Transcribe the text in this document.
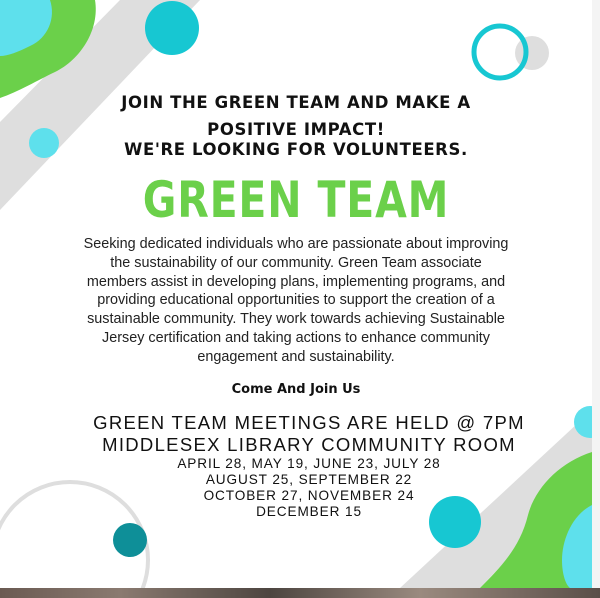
JOIN THE GREEN TEAM AND MAKE A
POSITIVE IMPACT!
WE'RE LOOKING FOR VOLUNTEERS.
GREEN TEAM
Seeking dedicated individuals who are passionate about improving
the sustainability of our community. Green Team associate
members assist in developing plans, implementing programs, and
providing educational opportunities to support the creation of a
sustainable community. They work towards achieving Sustainable
Jersey certification and taking actions to enhance community
engagement and sustainability.
Come And Join Us
GREEN TEAM MEETINGS ARE HELD @ 7PM
MIDDLESEX LIBRARY COMMUNITY ROOM
APRIL 28, MAY 19, JUNE 23, JULY 28
AUGUST 25, SEPTEMBER 22
OCTOBER 27, NOVEMBER 24
DECEMBER 15
